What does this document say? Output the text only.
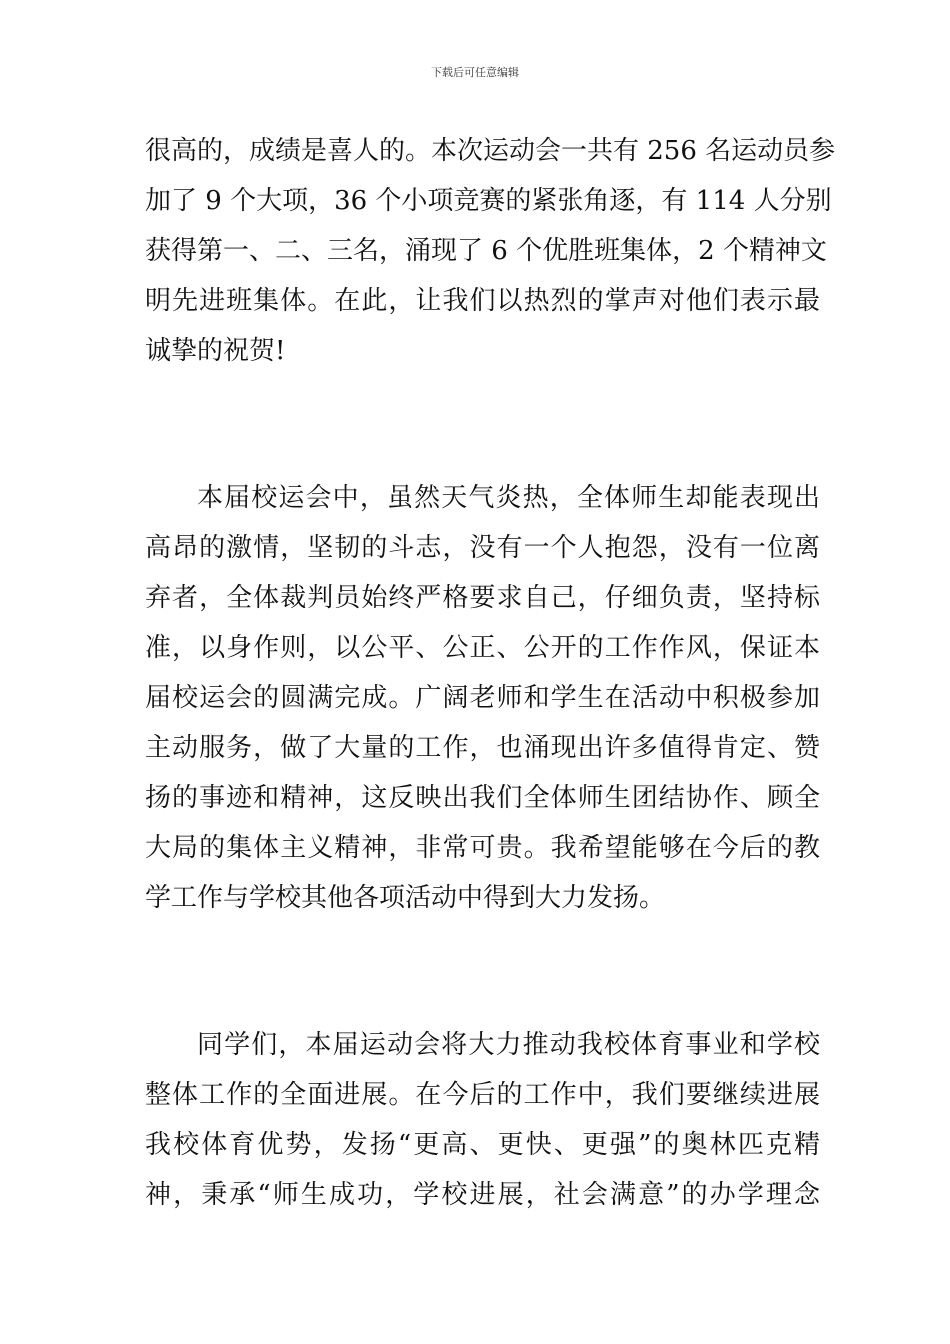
下载后可任意编辑
很高的，成绩是喜人的。本次运动会一共有 256 名运动员参
加了 9 个大项，36 个小项竞赛的紧张角逐，有 114 人分别
获得第一、二、三名，涌现了 6 个优胜班集体，2 个精神文
明先进班集体。在此，让我们以热烈的掌声对他们表示最
诚挚的祝贺!
本届校运会中，虽然天气炎热，全体师生却能表现出
高昂的激情，坚韧的斗志，没有一个人抱怨，没有一位离
弃者，全体裁判员始终严格要求自己，仔细负责，坚持标
准，以身作则，以公平、公正、公开的工作作风，保证本
届校运会的圆满完成。广阔老师和学生在活动中积极参加
主动服务，做了大量的工作，也涌现出许多值得肯定、赞
扬的事迹和精神，这反映出我们全体师生团结协作、顾全
大局的集体主义精神，非常可贵。我希望能够在今后的教
学工作与学校其他各项活动中得到大力发扬。
同学们，本届运动会将大力推动我校体育事业和学校
整体工作的全面进展。在今后的工作中，我们要继续进展
我校体育优势，发扬“更高、更快、更强”的奥林匹克精
神，秉承“师生成功，学校进展，社会满意”的办学理念
